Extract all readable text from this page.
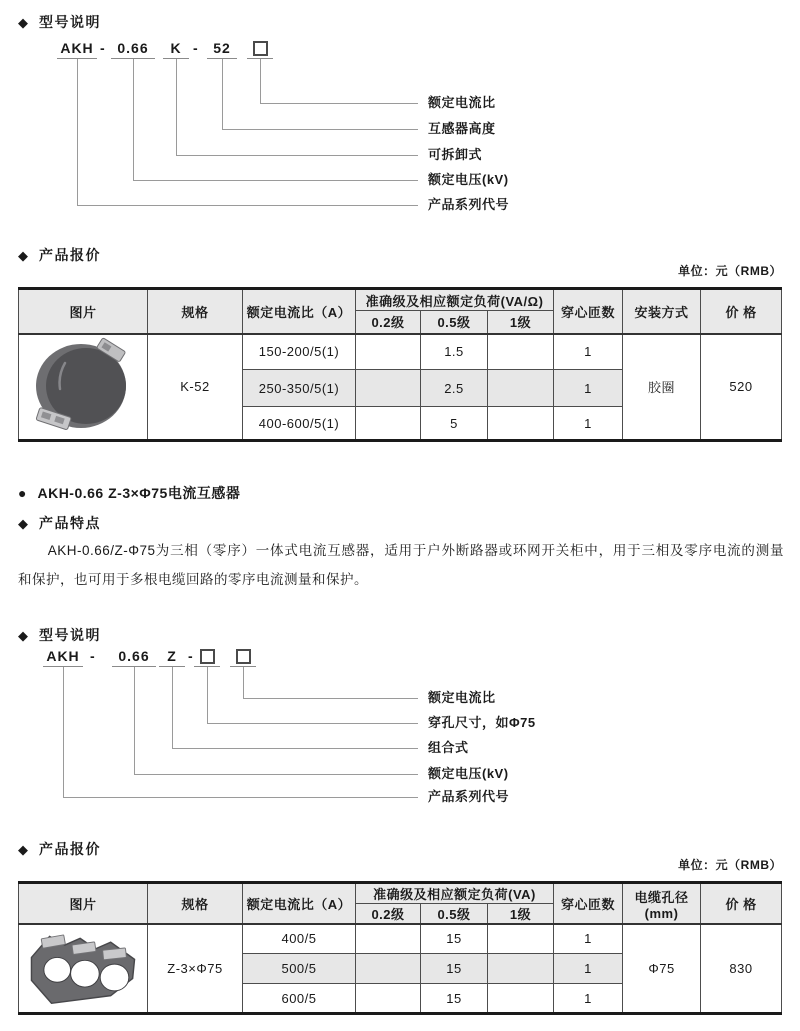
◆ 型号说明
AKH - 0.66	K -	52
额定电流比
互感器高度
可拆卸式
额定电压(kV)
产品系列代号
◆ 产品报价
单位：元（RMB）
图片	规格	额定电流比（A）	准确级及相应额定负荷(VA/Ω)			穿心匝数	安装方式	价 格
			0.2级	0.5级	1级			
	K-52	150-200/5(1)		1.5		1	胶圈	520
		250-350/5(1)		2.5		1		
		400-600/5(1)		5		1		
● AKH-0.66 Z-3×Φ75电流互感器
◆ 产品特点

AKH-0.66/Z-Φ75为三相（零序）一体式电流互感器，适用于户外断路器或环网开关柜中，用于三相及零序电流的测量和保护，也可用于多根电缆回路的零序电流测量和保护。

◆ 型号说明
AKH -	0.66	Z -
额定电流比
穿孔尺寸，如Φ75
组合式
额定电压(kV)
产品系列代号
◆ 产品报价
单位：元（RMB）
图片	规格	额定电流比（A）	准确级及相应额定负荷(VA)			穿心匝数	电缆孔径(mm)	价 格
			0.2级	0.5级	1级			
	Z-3×Φ75	400/5		15		1	Φ75	830
		500/5		15		1		
		600/5		15		1		
